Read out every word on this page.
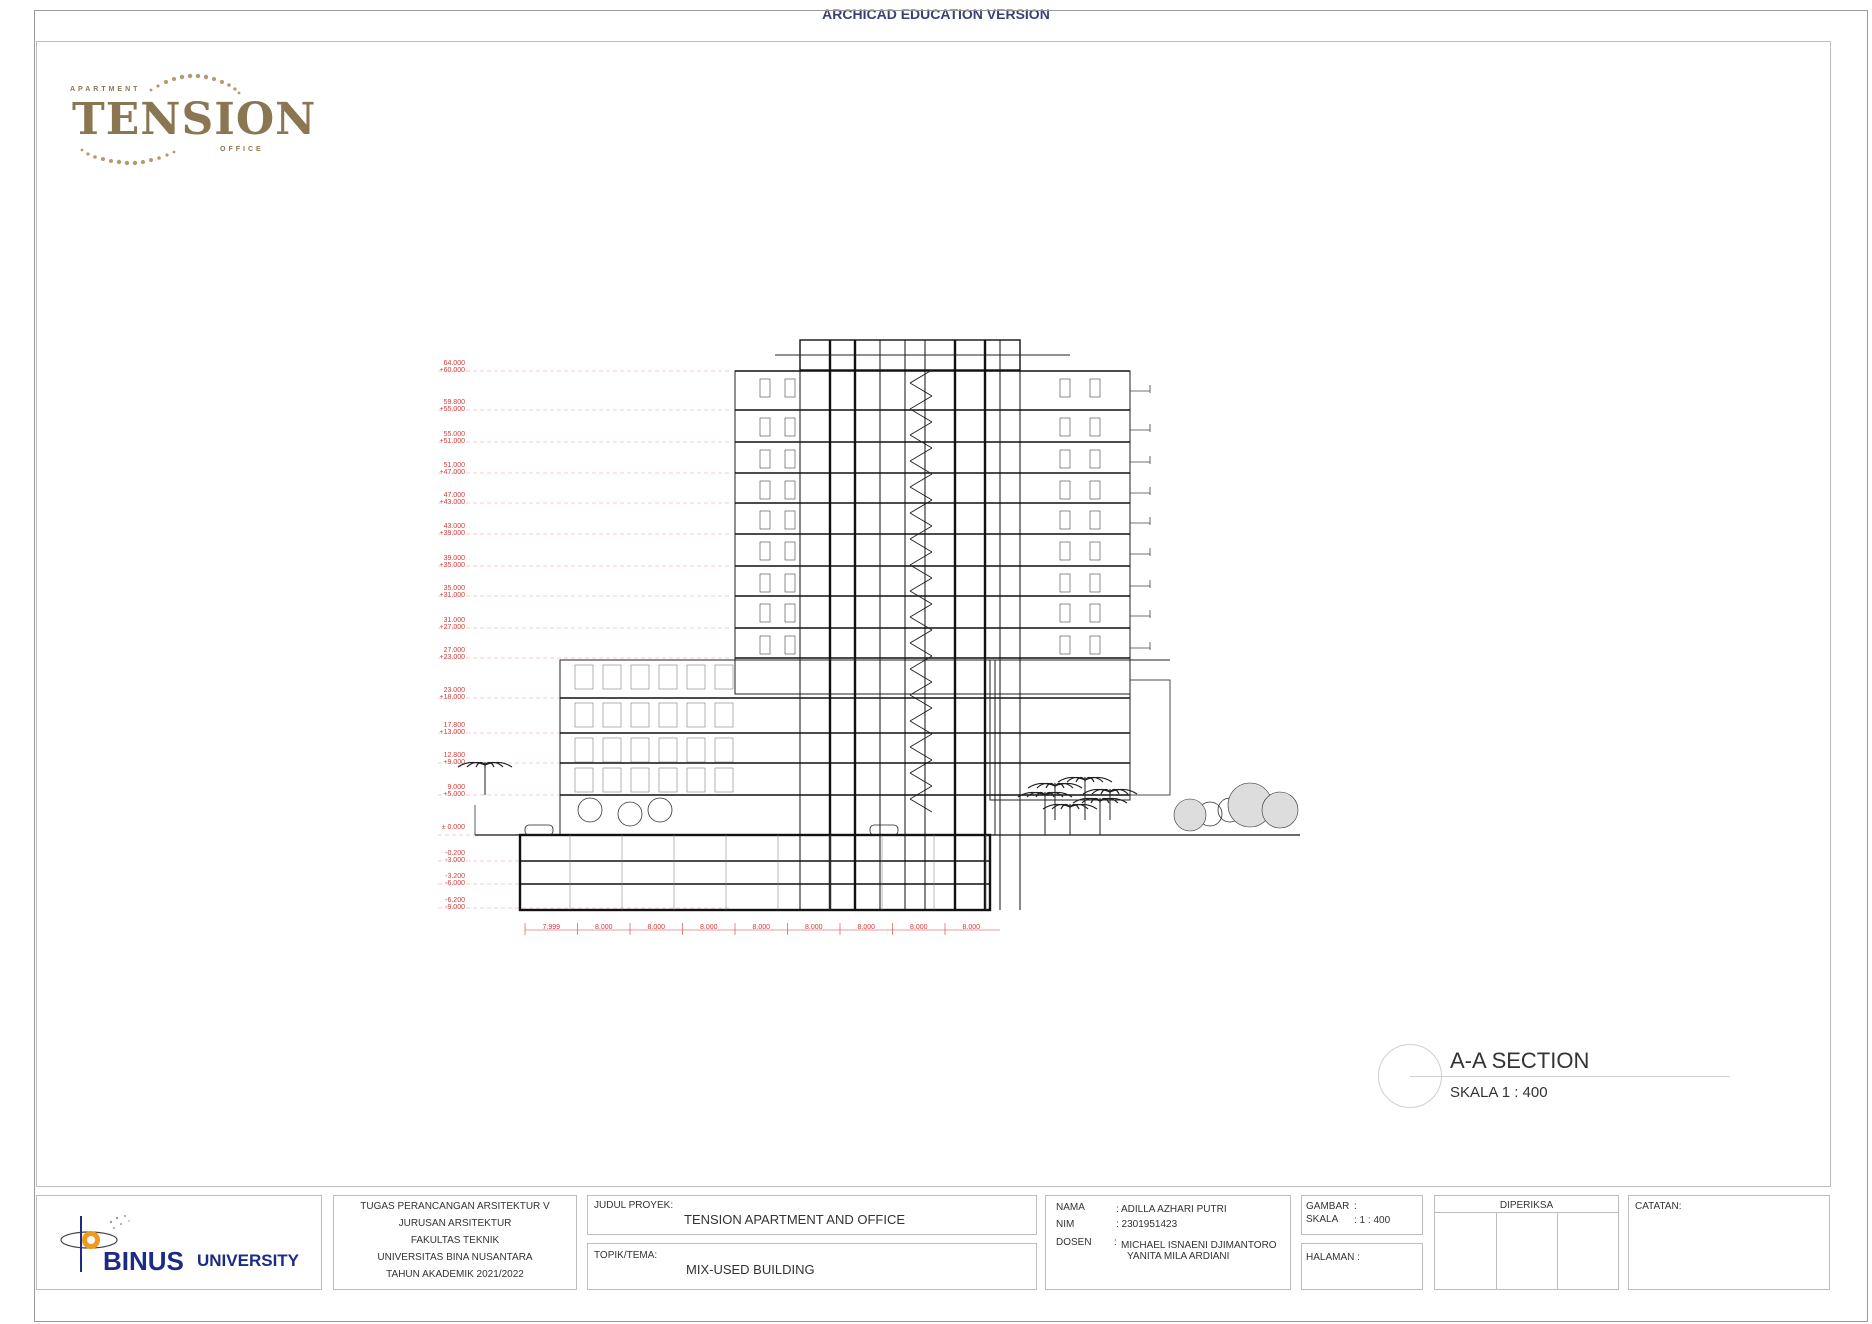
ARCHICAD EDUCATION VERSION
APARTMENT
TENSION
OFFICE
64.000
+60.000
59.800
+55.000
55.000
+51.000
51.000
+47.000
47.000
+43.000
43.000
+39.000
39.000
+35.000
35.000
+31.000
31.000
+27.000
27.000
+23.000
23.000
+18.000
17.800
+13.000
12.800
+9.000
9.000
+5.000
± 0.000
-0.200
-3.000
-3.200
-6.000
-6.200
-9.000
7.999	8.000	8.000	8.000	8.000	8.000	8.000	8.000	8.000
A-A SECTION
SKALA 1 : 400
BINUS UNIVERSITY
TUGAS PERANCANGAN ARSITEKTUR V
JURUSAN ARSITEKTUR
FAKULTAS TEKNIK
UNIVERSITAS BINA NUSANTARA
TAHUN AKADEMIK 2021/2022
JUDUL PROYEK:
TENSION APARTMENT AND OFFICE
TOPIK/TEMA:
MIX-USED BUILDING
NAMA	: ADILLA AZHARI PUTRI
NIM	: 2301951423
DOSEN : MICHAEL ISNAENI DJIMANTORO
YANITA MILA ARDIANI
GAMBAR :
SKALA : 1 : 400
HALAMAN :
DIPERIKSA	CATATAN:
